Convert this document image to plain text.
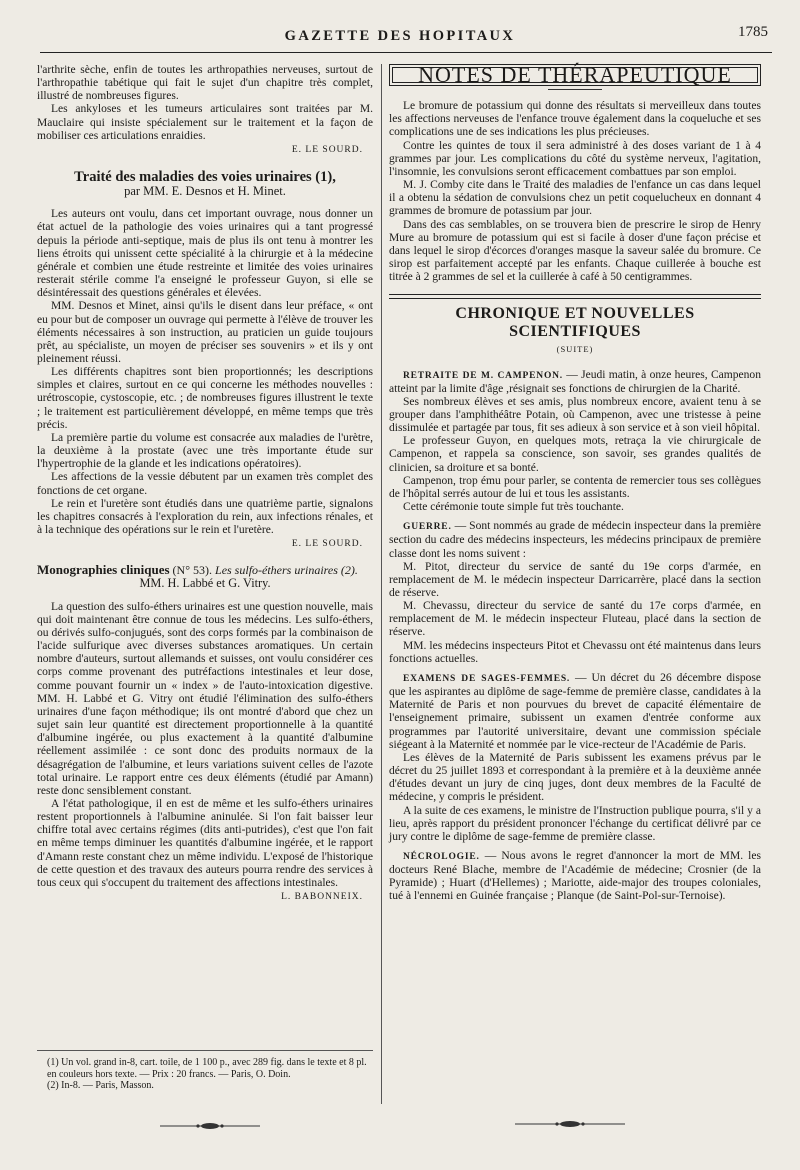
GAZETTE DES HOPITAUX	1785

l'arthrite sèche, enfin de toutes les arthropathies nerveuses, surtout de l'arthropathie tabétique qui fait le sujet d'un chapitre très complet, illustré de nombreuses figures.

Les ankyloses et les tumeurs articulaires sont traitées par M. Mauclaire qui insiste spécialement sur le traitement et la façon de mobiliser ces articulations enraidies.

E. LE SOURD.

Traité des maladies des voies urinaires (1),

par MM. E. Desnos et H. Minet.

Les auteurs ont voulu, dans cet important ouvrage, nous donner un état actuel de la pathologie des voies urinaires qui a tant progressé depuis la période anti-septique, mais de plus ils ont tenu à montrer les liens étroits qui unissent cette spécialité à la chirurgie et à la médecine générale et combien une étude restreinte et limitée des voies urinaires resterait stérile comme l'a enseigné le professeur Guyon, si elle se désintéressait des questions générales et élevées.

MM. Desnos et Minet, ainsi qu'ils le disent dans leur préface, « ont eu pour but de composer un ouvrage qui permette à l'élève de trouver les éléments nécessaires à son instruction, au praticien un guide toujours prêt, au spécialiste, un moyen de préciser ses souvenirs » et ils y ont pleinement réussi.

Les différents chapitres sont bien proportionnés; les descriptions simples et claires, surtout en ce qui concerne les méthodes nouvelles : urétroscopie, cystoscopie, etc. ; de nombreuses figures illustrent le texte ; le traitement est particulièrement développé, en même temps que très précis.

La première partie du volume est consacrée aux maladies de l'urètre, la deuxième à la prostate (avec une très importante étude sur l'hypertrophie de la glande et les indications opératoires).

Les affections de la vessie débutent par un examen très complet des fonctions de cet organe.

Le rein et l'uretère sont étudiés dans une quatrième partie, signalons les chapitres consacrés à l'exploration du rein, aux infections rénales, et à la technique des opérations sur le rein et l'uretère.

E. LE SOURD.

Monographies cliniques (N° 53). Les sulfo-éthers urinaires (2).

MM. H. Labbé et G. Vitry.

La question des sulfo-éthers urinaires est une question nouvelle, mais qui doit maintenant être connue de tous les médecins. Les sulfo-éthers, ou dérivés sulfo-conjugués, sont des corps formés par la combinaison de l'acide sulfurique avec diverses substances aromatiques. Un certain nombre d'auteurs, surtout allemands et suisses, ont voulu considérer ces corps comme provenant des putréfactions intestinales et leur dose, comme pouvant fournir un « index » de l'auto-intoxication digestive. MM. H. Labbé et G. Vitry ont étudié l'élimination des sulfo-éthers urinaires d'une façon méthodique; ils ont montré d'abord que chez un sujet sain leur quantité est directement proportionnelle à la quantité d'albumine ingérée, ou plus exactement à la quantité d'albumine réellement assimilée : ce sont donc des produits normaux de la désagrégation de l'albumine, et leurs variations suivent celles de l'azote total urinaire. Le rapport entre ces deux éléments (étudié par Amann) reste donc sensiblement constant.

A l'état pathologique, il en est de même et les sulfo-éthers urinaires restent proportionnels à l'albumine aninulée. Si l'on fait baisser leur chiffre total avec certains régimes (dits anti-putrides), c'est que l'on fait en même temps diminuer les quantités d'albumine ingérée, et le rapport d'Amann reste constant chez un même individu. L'exposé de l'historique de cette question et des travaux des auteurs pourra rendre des services à tous ceux qui s'occupent du traitement des affections intestinales.

L. BABONNEIX.

(1) Un vol. grand in-8, cart. toile, de 1 100 p., avec 289 fig. dans le texte et 8 pl. en couleurs hors texte. — Prix : 20 francs. — Paris, O. Doin.

(2) In-8. — Paris, Masson.

NOTES DE THÉRAPEUTIQUE

Le bromure de potassium qui donne des résultats si merveilleux dans toutes les affections nerveuses de l'enfance trouve également dans la coqueluche et ses complications une de ses indications les plus précieuses.

Contre les quintes de toux il sera administré à des doses variant de 1 à 4 grammes par jour. Les complications du côté du système nerveux, l'agitation, l'insomnie, les convulsions seront efficacement combattues par son emploi.

M. J. Comby cite dans le Traité des maladies de l'enfance un cas dans lequel il a obtenu la sédation de convulsions chez un petit coquelucheux en donnant 4 grammes de bromure de potassium par jour.

Dans des cas semblables, on se trouvera bien de prescrire le sirop de Henry Mure au bromure de potassium qui est si facile à doser d'une façon précise et dans lequel le sirop d'écorces d'oranges masque la saveur salée du bromure. Ce sirop est parfaitement accepté par les enfants. Chaque cuillerée à bouche est titrée à 2 grammes de sel et la cuillerée à café à 50 centigrammes.

CHRONIQUE ET NOUVELLES SCIENTIFIQUES

(SUITE)

RETRAITE DE M. CAMPENON. — Jeudi matin, à onze heures, Campenon atteint par la limite d'âge ,résignait ses fonctions de chirurgien de la Charité.

Ses nombreux élèves et ses amis, plus nombreux encore, avaient tenu à se grouper dans l'amphithéâtre Potain, où Campenon, avec une tristesse à peine dissimulée et partagée par tous, fit ses adieux à son service et à son vieil hôpital.

Le professeur Guyon, en quelques mots, retraça la vie chirurgicale de Campenon, et rappela sa conscience, son savoir, ses grandes qualités de clinicien, sa droiture et sa bonté.

Campenon, trop ému pour parler, se contenta de remercier tous ses collègues de l'hôpital serrés autour de lui et tous les assistants.

Cette cérémonie toute simple fut très touchante.

GUERRE. — Sont nommés au grade de médecin inspecteur dans la première section du cadre des médecins inspecteurs, les médecins principaux de première classe dont les noms suivent :

M. Pitot, directeur du service de santé du 19e corps d'armée, en remplacement de M. le médecin inspecteur Darricarrère, placé dans la section de réserve.

M. Chevassu, directeur du service de santé du 17e corps d'armée, en remplacement de M. le médecin inspecteur Fluteau, placé dans la section de réserve.

MM. les médecins inspecteurs Pitot et Chevassu ont été maintenus dans leurs fonctions actuelles.

EXAMENS DE SAGES-FEMMES. — Un décret du 26 décembre dispose que les aspirantes au diplôme de sage-femme de première classe, candidates à la Maternité de Paris et non pourvues du brevet de capacité élémentaire de l'enseignement primaire, subissent un examen d'entrée conforme aux programmes par l'autorité universitaire, devant une commission spéciale siégeant à la Maternité et nommée par le vice-recteur de l'Académie de Paris.

Les élèves de la Maternité de Paris subissent les examens prévus par le décret du 25 juillet 1893 et correspondant à la première et à la deuxième année d'études devant un jury de cinq juges, dont deux membres de la Faculté de médecine, y compris le président.

A la suite de ces examens, le ministre de l'Instruction publique pourra, s'il y a lieu, après rapport du président prononcer l'échange du certificat délivré par ce jury contre le diplôme de sage-femme de première classe.

NÉCROLOGIE. — Nous avons le regret d'annoncer la mort de MM. les docteurs René Blache, membre de l'Académie de médecine; Crosnier (de la Pyramide) ; Huart (d'Hellemes) ; Mariotte, aide-major des troupes coloniales, tué à l'ennemi en Guinée française ; Planque (de Saint-Pol-sur-Ternoise).
